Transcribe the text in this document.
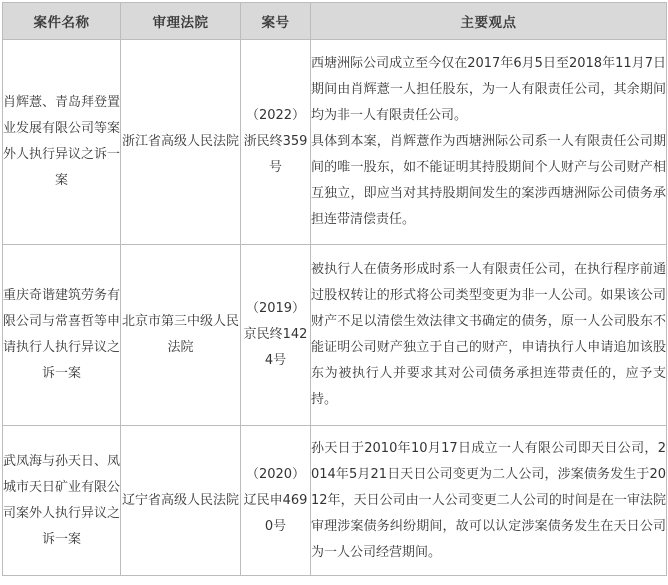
案件名称	审理法院	案号	主要观点
肖辉薏、青岛拜登置业发展有限公司等案外人执行异议之诉一案	浙江省高级人民法院	（2022）浙民终359号	西塘洲际公司成立至今仅在2017年6月5日至2018年11月7日期间由肖辉薏一人担任股东，为一人有限责任公司，其余期间均为非一人有限责任公司。

具体到本案，肖辉薏作为西塘洲际公司系一人有限责任公司期间的唯一股东，如不能证明其持股期间个人财产与公司财产相互独立，即应当对其持股期间发生的案涉西塘洲际公司债务承担连带清偿责任。

重庆奇谐建筑劳务有限公司与常喜哲等申请执行人执行异议之诉一案	北京市第三中级人民法院	（2019）京民终1424号	被执行人在债务形成时系一人有限责任公司，在执行程序前通过股权转让的形式将公司类型变更为非一人公司。如果该公司财产不足以清偿生效法律文书确定的债务，原一人公司股东不能证明公司财产独立于自己的财产，申请执行人申请追加该股东为被执行人并要求其对公司债务承担连带责任的，应予支持。

武凤海与孙天日、凤城市天日矿业有限公司案外人执行异议之诉一案	辽宁省高级人民法院	（2020）辽民申4690号	孙天日于2010年10月17日成立一人有限公司即天日公司，2014年5月21日天日公司变更为二人公司，涉案债务发生于2012年，天日公司由一人公司变更二人公司的时间是在一审法院审理涉案债务纠纷期间，故可以认定涉案债务发生在天日公司为一人公司经营期间。
